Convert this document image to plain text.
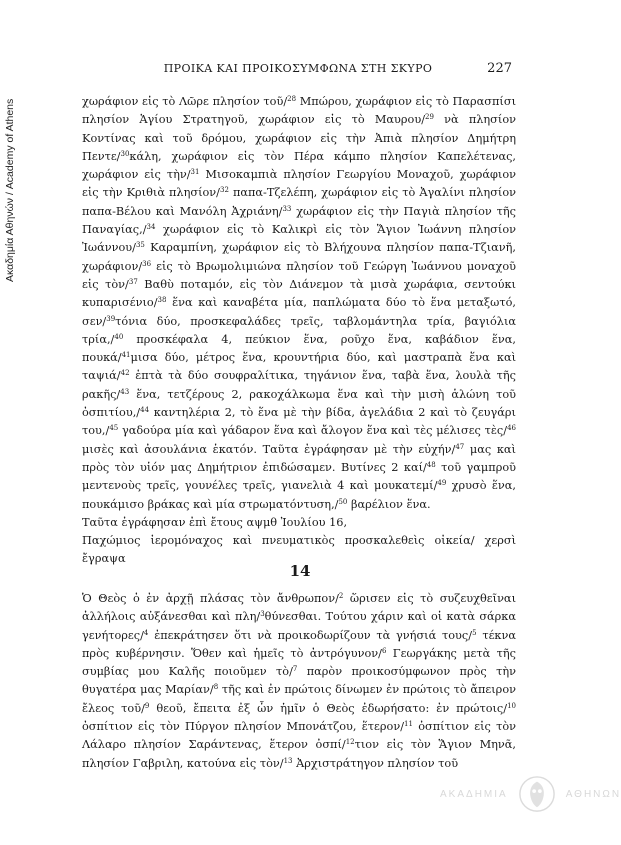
Ακαδημία Αθηνών / Academy of Athens
ΠΡΟΙΚΑ ΚΑΙ ΠΡΟΙΚΟΣΥΜΦΩΝΑ ΣΤΗ ΣΚΥΡΟ	227

χωράφιον εἰς τὸ Λῶρε πλησίον τοῦ/$^{28}$ Μπώρου, χωράφιον εἰς τὸ Παρασπίσι πλησίον Ἁγίου Στρατηγοῦ, χωράφιον εἰς τὸ Μαυρου/$^{29}$ νὰ πλησίον Κοντίνας καὶ τοῦ δρόμου, χωράφιον εἰς τὴν Ἀπιὰ πλησίον Δημήτρη Πεντε/$^{30}$κάλη, χωράφιον εἰς τὸν Πέρα κάμπο πλησίον Καπελέτενας, χωράφιον εἰς τὴν/$^{31}$ Μισοκαμπιὰ πλησίον Γεωργίου Μοναχοῦ, χωράφιον εἰς τὴν Κριθιὰ πλησίον/$^{32}$ παπα-Τζελέπη, χωράφιον εἰς τὸ Ἀγαλίνι πλησίον παπα-Βέλου καὶ Μανόλη Ἀχριάνη/$^{33}$ χωράφιον εἰς τὴν Παγιὰ πλησίον τῆς Παναγίας,/$^{34}$ χωράφιον εἰς τὸ Καλικρὶ εἰς τὸν Ἅγιον Ἰωάννη πλησίον Ἰωάννου/$^{35}$ Καραμπίνη, χωράφιον εἰς τὸ Βλήχουνα πλησίον παπα-Τζιανῆ, χωράφιον/$^{36}$ εἰς τὸ Βρωμολιμιώνα πλησίον τοῦ Γεώργη Ἰωάννου μοναχοῦ εἰς τὸν/$^{37}$ Βαθὺ ποταμόν, εἰς τὸν Διάνεμον τὰ μισὰ χωράφια, σεντούκι κυπαρισένιο/$^{38}$ ἕνα καὶ καναβέτα μία, παπλώματα δύο τὸ ἕνα μεταξωτό, σεν/$^{39}$τόνια δύο, προσκεφαλάδες τρεῖς, ταβλομάντηλα τρία, βαγιόλια τρία,/$^{40}$ προσκέφαλα 4, πεύκιον ἕνα, ροῦχο ἕνα, καβάδιον ἕνα, πουκά/$^{41}$μισα δύο, μέτρος ἕνα, κρουντήρια δύο, καὶ μαστραπὰ ἕνα καὶ ταψιά/$^{42}$ ἑπτὰ τὰ δύο σουφραλίτικα, τηγάνιον ἕνα, ταβὰ ἕνα, λουλὰ τῆς ρακῆς/$^{43}$ ἕνα, τετζέρους 2, ρακοχάλκωμα ἕνα καὶ τὴν μισὴ ἁλώνη τοῦ ὀσπιτίου,/$^{44}$ καντηλέρια 2, τὸ ἕνα μὲ τὴν βίδα, ἀγελάδια 2 καὶ τὸ ζευγάρι του,/$^{45}$ γαδούρα μία καὶ γάδαρον ἕνα καὶ ἄλογον ἕνα καὶ τὲς μέλισες τὲς/$^{46}$ μισὲς καὶ ἀσουλάνια ἑκατόν. Ταῦτα ἐγράφησαν μὲ τὴν εὐχήν/$^{47}$ μας καὶ πρὸς τὸν υἱόν μας Δημήτριον ἐπιδώσαμεν. Βυτίνες 2 καί/$^{48}$ τοῦ γαμπροῦ μεντενοὺς τρεῖς, γουνέλες τρεῖς, γιανελιὰ 4 καὶ μουκατεμί/$^{49}$ χρυσὸ ἕνα, πουκάμισο βράκας καὶ μία στρωματόντυση,/$^{50}$ βαρέλιον ἕνα.

Ταῦτα ἐγράφησαν ἐπὶ ἔτους αψμθ Ἰουλίου 16,

Παχώμιος ἱερομόναχος καὶ πνευματικὸς προσκαλεθεὶς οἰκεία/ χερσὶ ἔγραψα

14

Ὁ Θεὸς ὁ ἐν ἀρχῇ πλάσας τὸν ἄνθρωπον/$^2$ ὥρισεν εἰς τὸ συζευχθεῖναι ἀλλήλοις αὐξάνεσθαι καὶ πλη/$^3$θύνεσθαι. Τούτου χάριν καὶ οἱ κατὰ σάρκα γενήτορες/$^4$ ἐπεκράτησεν ὅτι νὰ προικοδωρίζουν τὰ γνήσιά τους/$^5$ τέκνα πρὸς κυβέρνησιν. Ὅθεν καὶ ἡμεῖς τὸ ἀντρόγυνον/$^6$ Γεωργάκης μετὰ τῆς συμβίας μου Καλῆς ποιοῦμεν τὸ/$^7$ παρὸν προικοσύμφωνον πρὸς τὴν θυγατέρα μας Μαρίαν/$^8$ τῆς καὶ ἐν πρώτοις δίνωμεν ἐν πρώτοις τὸ ἄπειρον ἔλεος τοῦ/$^9$ θεοῦ, ἔπειτα ἐξ ὧν ἡμῖν ὁ Θεὸς ἐδωρήσατο: ἐν πρώτοις/$^{10}$ ὀσπίτιον εἰς τὸν Πύργον πλησίον Μπονάτζου, ἕτερον/$^{11}$ ὀσπίτιον εἰς τὸν Λάλαρο πλησίον Σαράντενας, ἕτερον ὀσπί/$^{12}$τιον εἰς τὸν Ἅγιον Μηνᾶ, πλησίον Γαβριλη, κατούνα εἰς τὸν/$^{13}$ Ἀρχιστράτηγον πλησίον τοῦ

ΑΚΑΔΗΜΙΑ	ΑΘΗΝΩΝ
